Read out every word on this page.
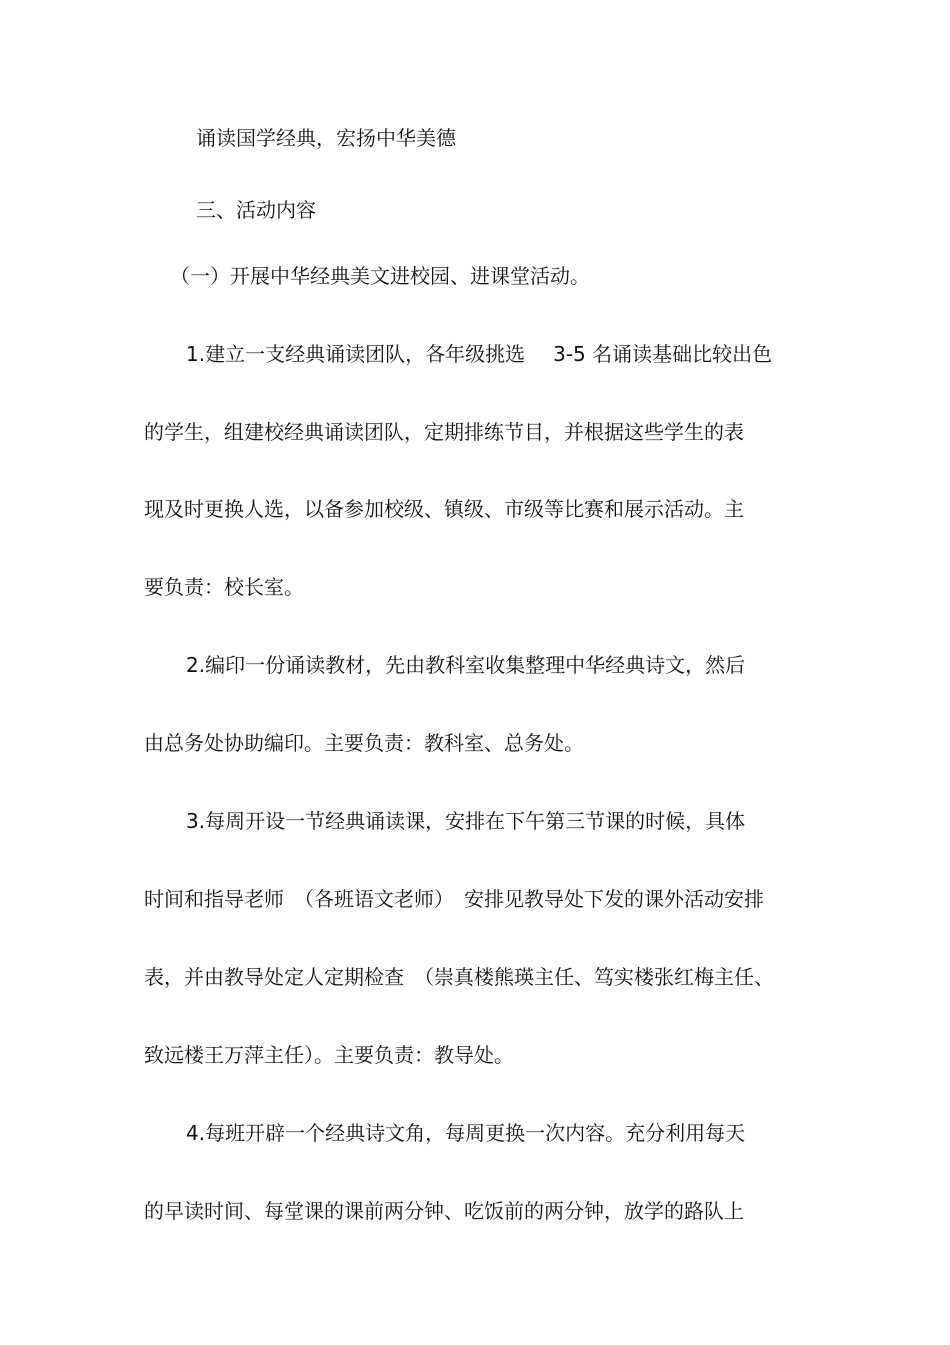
诵读国学经典，宏扬中华美德
三、活动内容
（一）开展中华经典美文进校园、进课堂活动。
1.建立一支经典诵读团队，各年级挑选 3-5 名诵读基础比较出色
的学生，组建校经典诵读团队，定期排练节目，并根据这些学生的表
现及时更换人选，以备参加校级、镇级、市级等比赛和展示活动。主
要负责：校长室。
2.编印一份诵读教材，先由教科室收集整理中华经典诗文，然后
由总务处协助编印。主要负责：教科室、总务处。
3.每周开设一节经典诵读课，安排在下午第三节课的时候，具体
时间和指导老师 （各班语文老师） 安排见教导处下发的课外活动安排
表，并由教导处定人定期检查 （崇真楼熊瑛主任、笃实楼张红梅主任、
致远楼王万萍主任）。主要负责：教导处。
4.每班开辟一个经典诗文角，每周更换一次内容。充分利用每天
的早读时间、每堂课的课前两分钟、吃饭前的两分钟，放学的路队上
